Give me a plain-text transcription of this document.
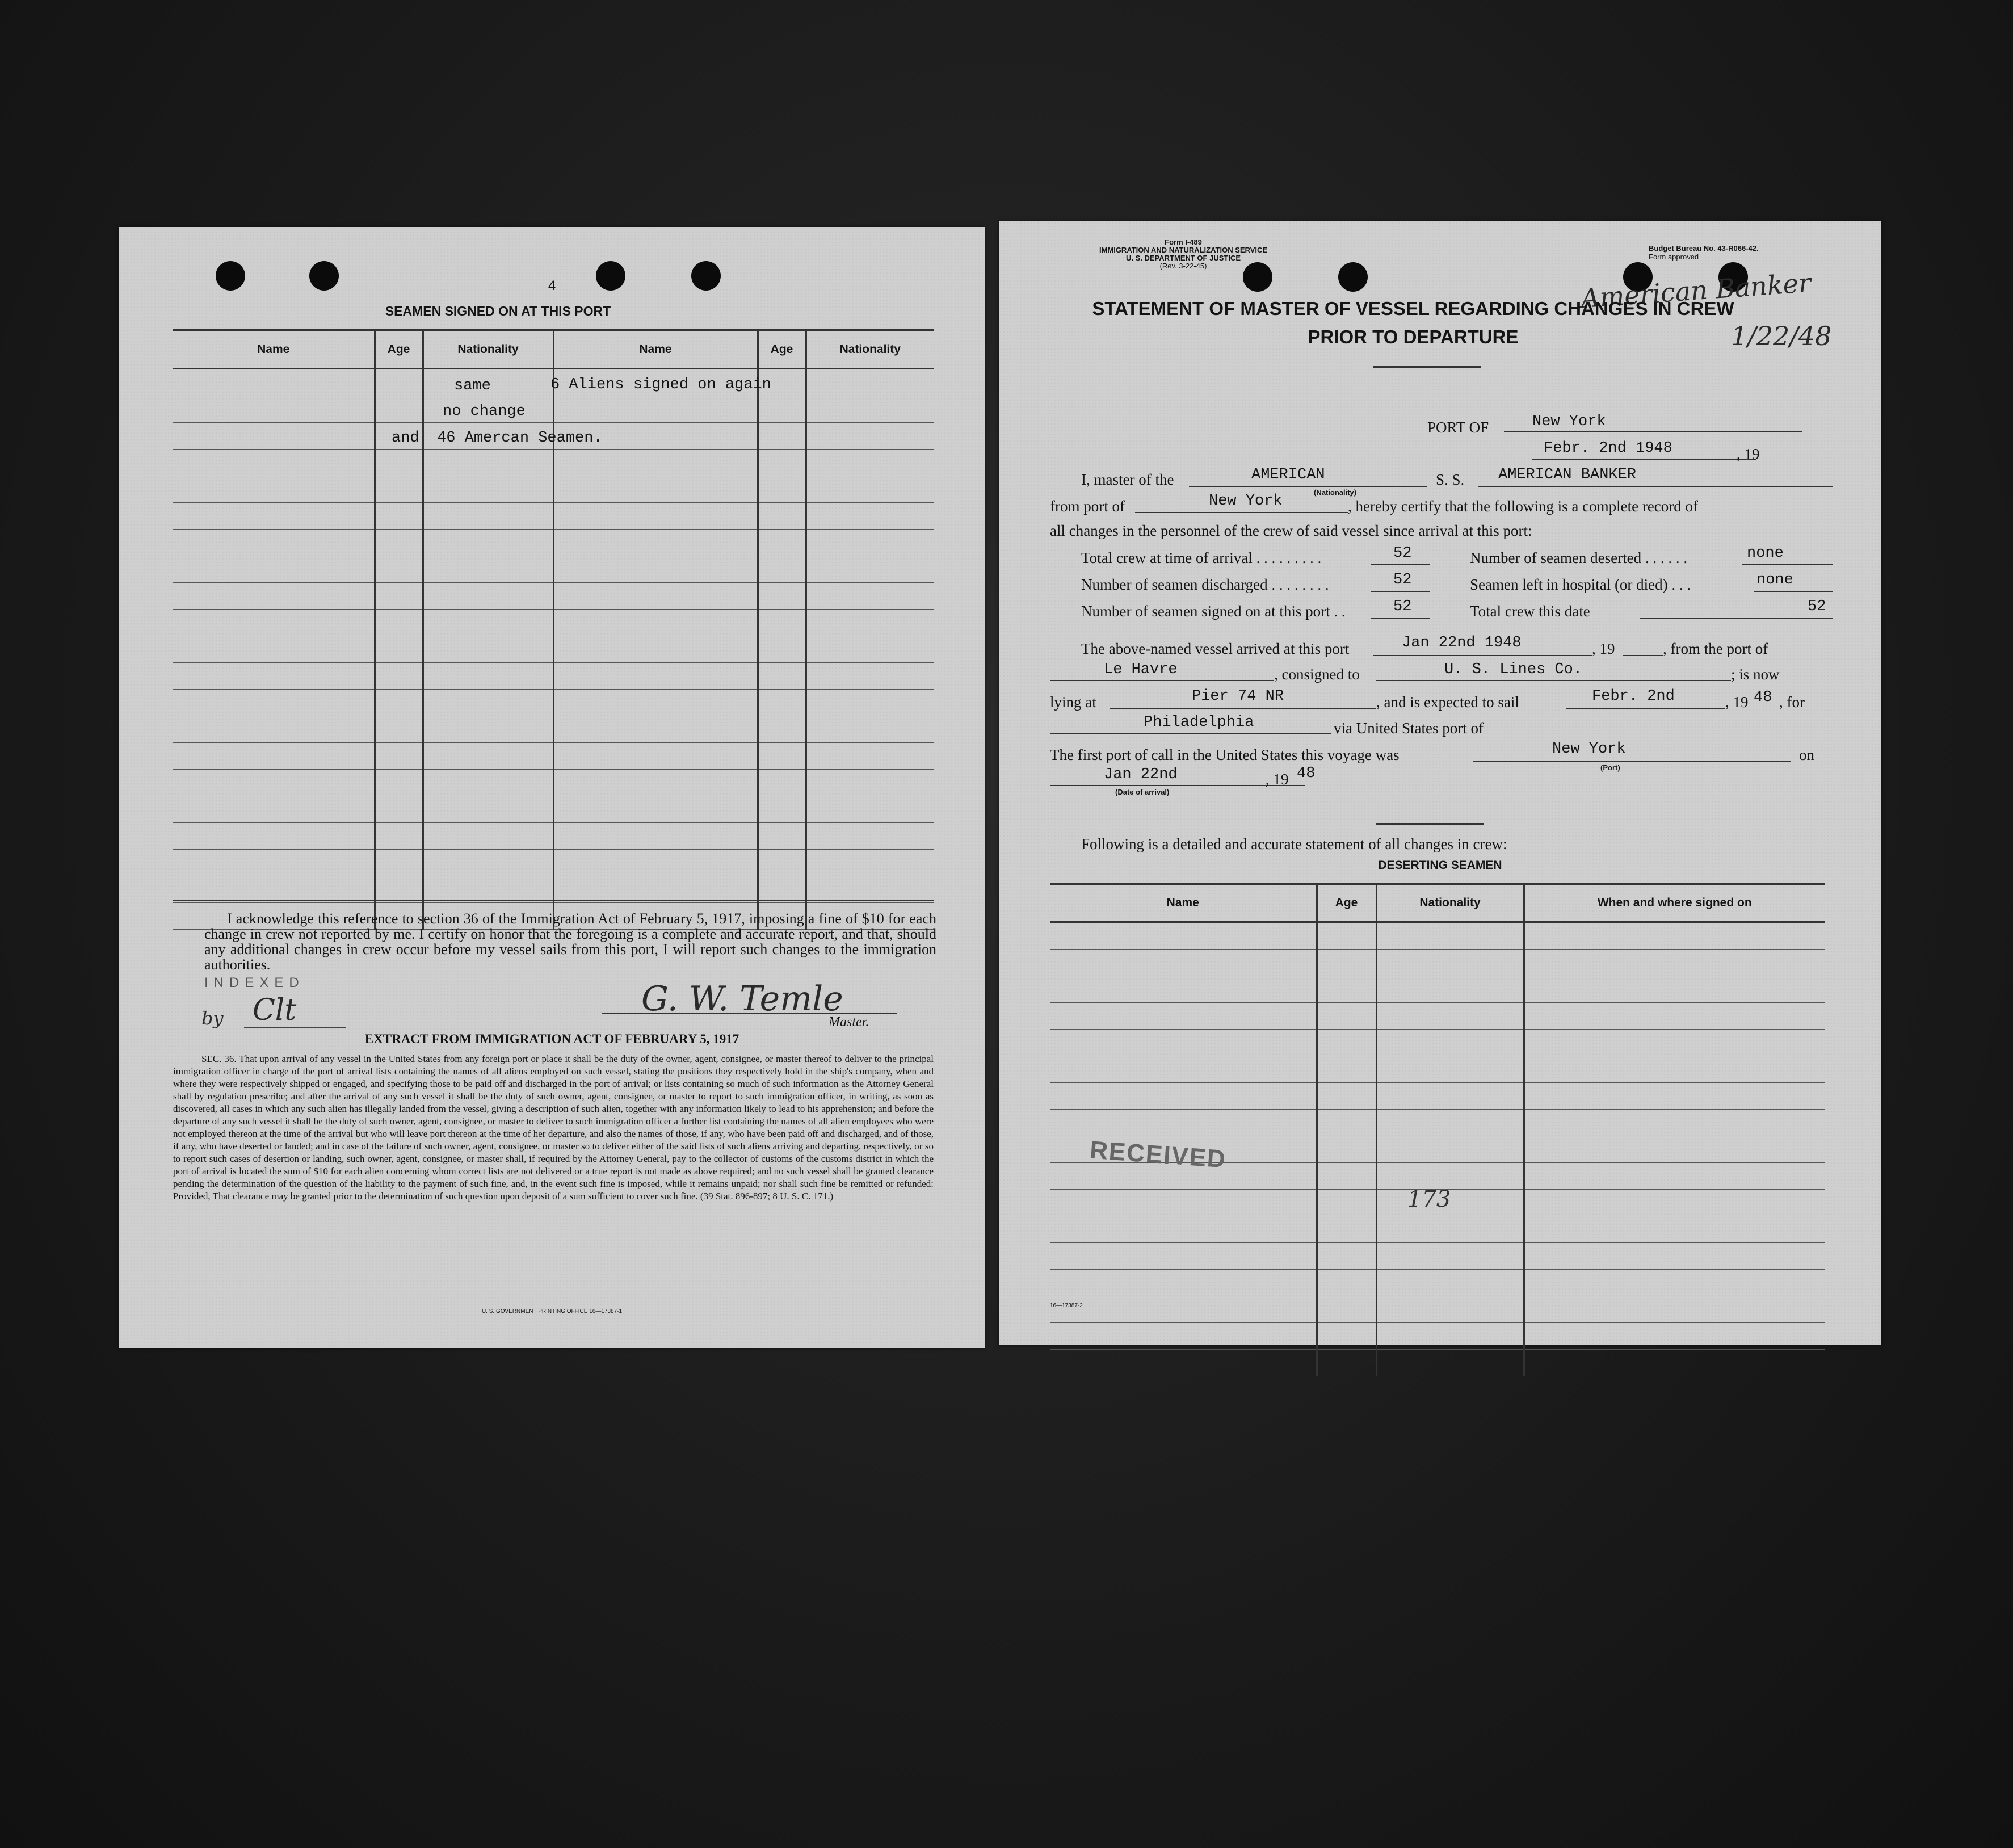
4
SEAMEN SIGNED ON AT THIS PORT
Name	Age	Nationality	Name	Age	Nationality

same	6 Aliens signed on again
no change
and 46 Amercan Seamen.
I acknowledge this reference to section 36 of the Immigration Act of February 5, 1917, imposing a fine of $10 for each change in crew not reported by me. I certify on honor that the foregoing is a complete and accurate report, and that, should any additional changes in crew occur before my vessel sails from this port, I will report such changes to the immigration authorities.
INDEXED
by Clt	G. W. Temle
Master.
EXTRACT FROM IMMIGRATION ACT OF FEBRUARY 5, 1917
SEC. 36. That upon arrival of any vessel in the United States from any foreign port or place it shall be the duty of the owner, agent, consignee, or master thereof to deliver to the principal immigration officer in charge of the port of arrival lists containing the names of all aliens employed on such vessel, stating the positions they respectively hold in the ship's company, when and where they were respectively shipped or engaged, and specifying those to be paid off and discharged in the port of arrival; or lists containing so much of such information as the Attorney General shall by regulation prescribe; and after the arrival of any such vessel it shall be the duty of such owner, agent, consignee, or master to report to such immigration officer, in writing, as soon as discovered, all cases in which any such alien has illegally landed from the vessel, giving a description of such alien, together with any information likely to lead to his apprehension; and before the departure of any such vessel it shall be the duty of such owner, agent, consignee, or master to deliver to such immigration officer a further list containing the names of all alien employees who were not employed thereon at the time of the arrival but who will leave port thereon at the time of her departure, and also the names of those, if any, who have been paid off and discharged, and of those, if any, who have deserted or landed; and in case of the failure of such owner, agent, consignee, or master so to deliver either of the said lists of such aliens arriving and departing, respectively, or so to report such cases of desertion or landing, such owner, agent, consignee, or master shall, if required by the Attorney General, pay to the collector of customs of the customs district in which the port of arrival is located the sum of $10 for each alien concerning whom correct lists are not delivered or a true report is not made as above required; and no such vessel shall be granted clearance pending the determination of the question of the liability to the payment of such fine, and, in the event such fine is imposed, while it remains unpaid; nor shall such fine be remitted or refunded: Provided, That clearance may be granted prior to the determination of such question upon deposit of a sum sufficient to cover such fine. (39 Stat. 896-897; 8 U. S. C. 171.)
U. S. GOVERNMENT PRINTING OFFICE 16—17387-1
Form I-489
IMMIGRATION AND NATURALIZATION SERVICE
U. S. DEPARTMENT OF JUSTICE
(Rev. 3-22-45)
Budget Bureau No. 43-R066-42.
Form approved
American Banker
1/22/48
STATEMENT OF MASTER OF VESSEL REGARDING CHANGES IN CREW
PRIOR TO DEPARTURE
PORT OF	New York
Febr. 2nd 1948	, 19
I, master of the	AMERICAN
(Nationality)
S. S. AMERICAN BANKER
from port of	New York	, hereby certify that the following is a complete record of
all changes in the personnel of the crew of said vessel since arrival at this port:
Total crew at time of arrival . . . . . . . . .	52	Number of seamen deserted . . . . . .	none
Number of seamen discharged . . . . . . . .	52	Seamen left in hospital (or died) . . .	none
Number of seamen signed on at this port . .	52	Total crew this date	52
The above-named vessel arrived at this port	Jan 22nd 1948	, 19	, from the port of
Le Havre	, consigned to	U. S. Lines Co.	; is now
lying at	Pier 74 NR	, and is expected to sail	Febr. 2nd	, 19 48 , for
Philadelphia	via United States port of
The first port of call in the United States this voyage was	New York
(Port)
on
Jan 22nd	, 19 48
(Date of arrival)
Following is a detailed and accurate statement of all changes in crew:
DESERTING SEAMEN
Name	Age	Nationality	When and where signed on

RECEIVED
173
16—17387-2
